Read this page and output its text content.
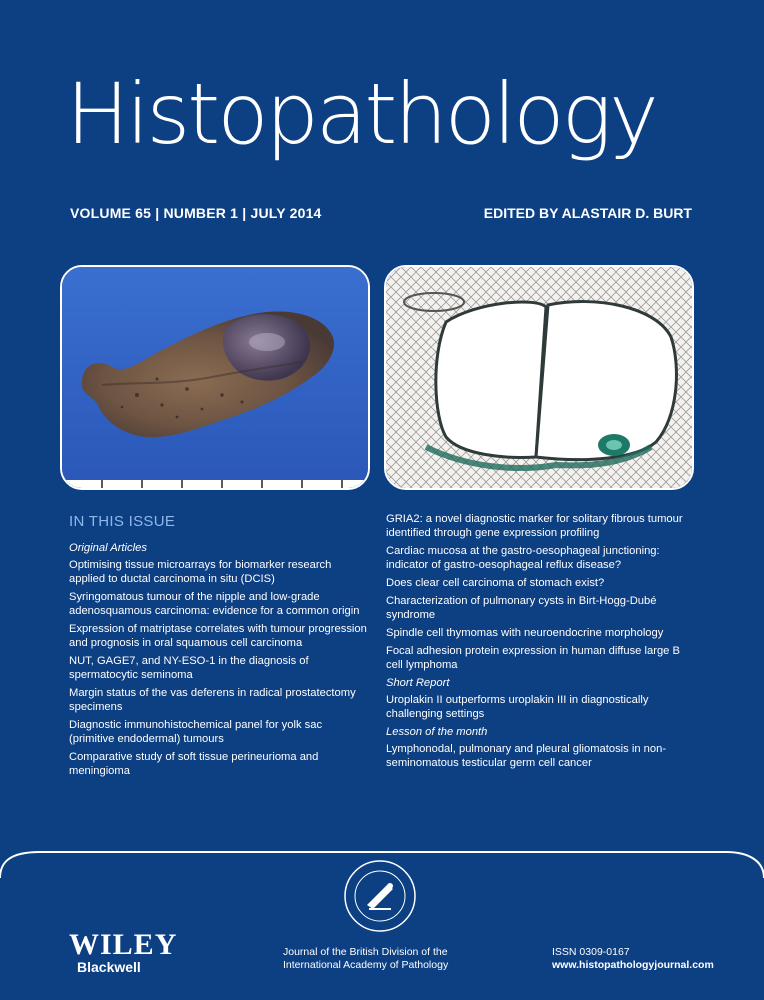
Histopathology
VOLUME 65 | NUMBER 1 | JULY 2014	EDITED BY ALASTAIR D. BURT
IN THIS ISSUE
Original Articles
Optimising tissue microarrays for biomarker research applied to ductal carcinoma in situ (DCIS)
Syringomatous tumour of the nipple and low-grade adenosquamous carcinoma: evidence for a common origin
Expression of matriptase correlates with tumour progression and prognosis in oral squamous cell carcinoma
NUT, GAGE7, and NY-ESO-1 in the diagnosis of spermatocytic seminoma
Margin status of the vas deferens in radical prostatectomy specimens
Diagnostic immunohistochemical panel for yolk sac (primitive endodermal) tumours
Comparative study of soft tissue perineurioma and meningioma
GRIA2: a novel diagnostic marker for solitary fibrous tumour identified through gene expression profiling
Cardiac mucosa at the gastro-oesophageal junctioning: indicator of gastro-oesophageal reflux disease?
Does clear cell carcinoma of stomach exist?
Characterization of pulmonary cysts in Birt-Hogg-Dubé syndrome
Spindle cell thymomas with neuroendocrine morphology
Focal adhesion protein expression in human diffuse large B cell lymphoma
Short Report
Uroplakin II outperforms uroplakin III in diagnostically challenging settings
Lesson of the month
Lymphonodal, pulmonary and pleural gliomatosis in non-seminomatous testicular germ cell cancer
WILEY
Blackwell
Journal of the British Division of the
International Academy of Pathology
ISSN 0309-0167
www.histopathologyjournal.com
